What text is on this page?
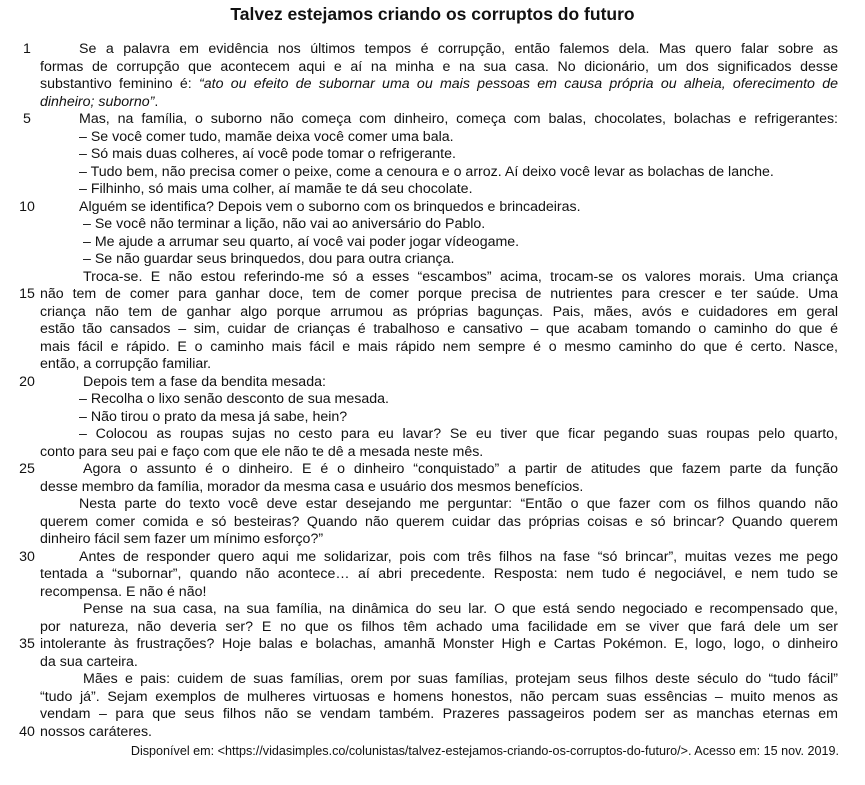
Talvez estejamos criando os corruptos do futuro
Se a palavra em evidência nos últimos tempos é corrupção, então falemos dela. Mas quero falar sobre as
formas de corrupção que acontecem aqui e aí na minha e na sua casa. No dicionário, um dos significados desse
substantivo feminino é: “ato ou efeito de subornar uma ou mais pessoas em causa própria ou alheia, oferecimento de
dinheiro; suborno”.
Mas, na família, o suborno não começa com dinheiro, começa com balas, chocolates, bolachas e refrigerantes:
– Se você comer tudo, mamãe deixa você comer uma bala.
– Só mais duas colheres, aí você pode tomar o refrigerante.
– Tudo bem, não precisa comer o peixe, come a cenoura e o arroz. Aí deixo você levar as bolachas de lanche.
– Filhinho, só mais uma colher, aí mamãe te dá seu chocolate.
Alguém se identifica? Depois vem o suborno com os brinquedos e brincadeiras.
– Se você não terminar a lição, não vai ao aniversário do Pablo.
– Me ajude a arrumar seu quarto, aí você vai poder jogar vídeogame.
– Se não guardar seus brinquedos, dou para outra criança.
Troca-se. E não estou referindo-me só a esses “escambos” acima, trocam-se os valores morais. Uma criança
não tem de comer para ganhar doce, tem de comer porque precisa de nutrientes para crescer e ter saúde. Uma
criança não tem de ganhar algo porque arrumou as próprias bagunças. Pais, mães, avós e cuidadores em geral
estão tão cansados – sim, cuidar de crianças é trabalhoso e cansativo – que acabam tomando o caminho do que é
mais fácil e rápido. E o caminho mais fácil e mais rápido nem sempre é o mesmo caminho do que é certo. Nasce,
então, a corrupção familiar.
Depois tem a fase da bendita mesada:
– Recolha o lixo senão desconto de sua mesada.
– Não tirou o prato da mesa já sabe, hein?
– Colocou as roupas sujas no cesto para eu lavar? Se eu tiver que ficar pegando suas roupas pelo quarto,
conto para seu pai e faço com que ele não te dê a mesada neste mês.
Agora o assunto é o dinheiro. E é o dinheiro “conquistado” a partir de atitudes que fazem parte da função
desse membro da família, morador da mesma casa e usuário dos mesmos benefícios.
Nesta parte do texto você deve estar desejando me perguntar: “Então o que fazer com os filhos quando não
querem comer comida e só besteiras? Quando não querem cuidar das próprias coisas e só brincar? Quando querem
dinheiro fácil sem fazer um mínimo esforço?”
Antes de responder quero aqui me solidarizar, pois com três filhos na fase “só brincar”, muitas vezes me pego
tentada a “subornar”, quando não acontece… aí abri precedente. Resposta: nem tudo é negociável, e nem tudo se
recompensa. E não é não!
Pense na sua casa, na sua família, na dinâmica do seu lar. O que está sendo negociado e recompensado que,
por natureza, não deveria ser? E no que os filhos têm achado uma facilidade em se viver que fará dele um ser
intolerante às frustrações? Hoje balas e bolachas, amanhã Monster High e Cartas Pokémon. E, logo, logo, o dinheiro
da sua carteira.
Mães e pais: cuidem de suas famílias, orem por suas famílias, protejam seus filhos deste século do “tudo fácil”
“tudo já”. Sejam exemplos de mulheres virtuosas e homens honestos, não percam suas essências – muito menos as
vendam – para que seus filhos não se vendam também. Prazeres passageiros podem ser as manchas eternas em
nossos caráteres.
1
5
10
15
20
25
30
35
40
Disponível em: <https://vidasimples.co/colunistas/talvez-estejamos-criando-os-corruptos-do-futuro/>. Acesso em: 15 nov. 2019.
